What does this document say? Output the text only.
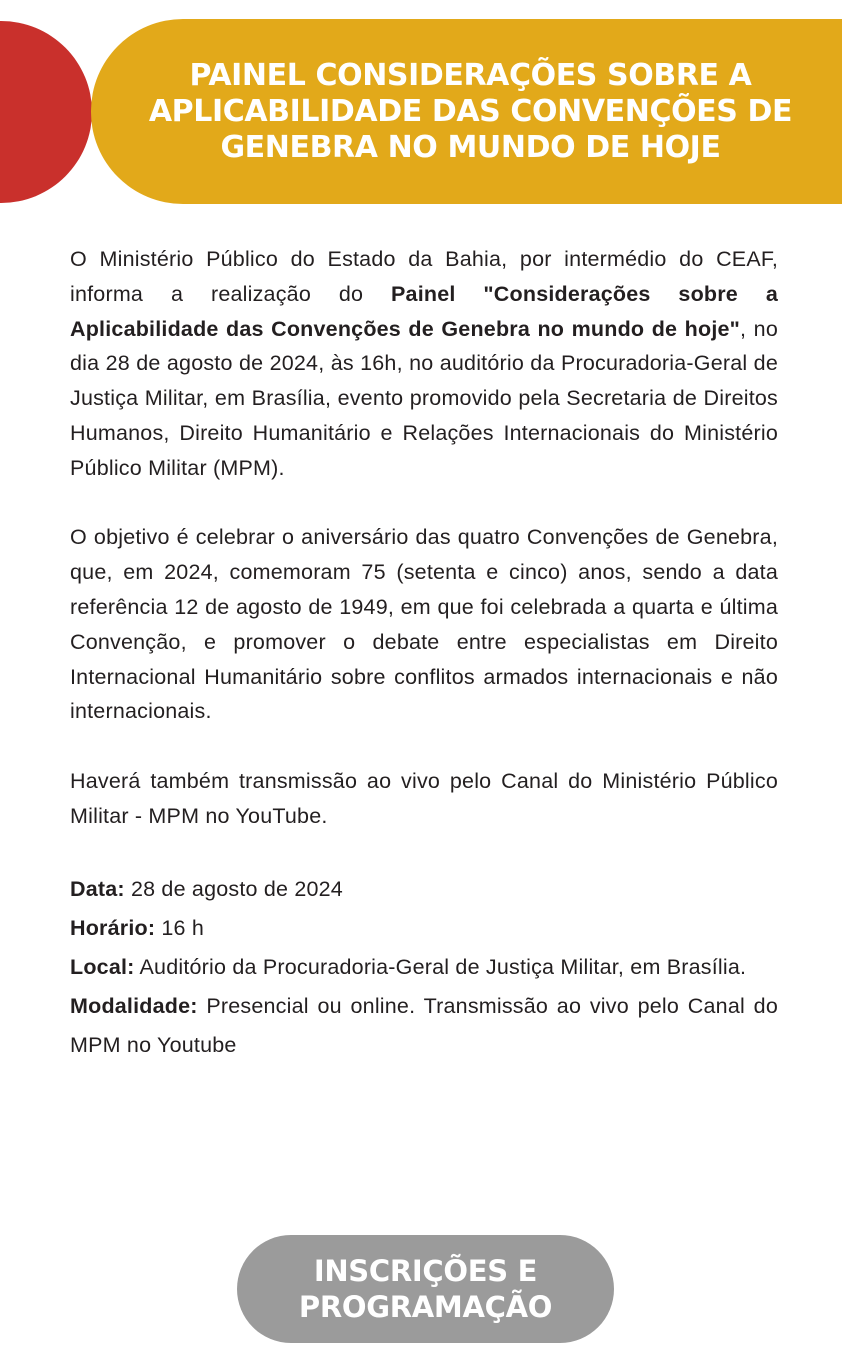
PAINEL CONSIDERAÇÕES SOBRE A APLICABILIDADE DAS CONVENÇÕES DE GENEBRA NO MUNDO DE HOJE

O Ministério Público do Estado da Bahia, por intermédio do CEAF, informa a realização do Painel "Considerações sobre a Aplicabilidade das Convenções de Genebra no mundo de hoje", no dia 28 de agosto de 2024, às 16h, no auditório da Procuradoria-Geral de Justiça Militar, em Brasília, evento promovido pela Secretaria de Direitos Humanos, Direito Humanitário e Relações Internacionais do Ministério Público Militar (MPM).

O objetivo é celebrar o aniversário das quatro Convenções de Genebra, que, em 2024, comemoram 75 (setenta e cinco) anos, sendo a data referência 12 de agosto de 1949, em que foi celebrada a quarta e última Convenção, e promover o debate entre especialistas em Direito Internacional Humanitário sobre conflitos armados internacionais e não internacionais.

Haverá também transmissão ao vivo pelo Canal do Ministério Público Militar - MPM no YouTube.

Data: 28 de agosto de 2024
Horário: 16 h
Local: Auditório da Procuradoria-Geral de Justiça Militar, em Brasília.
Modalidade: Presencial ou online. Transmissão ao vivo pelo Canal do MPM no Youtube
INSCRIÇÕES E
PROGRAMAÇÃO
